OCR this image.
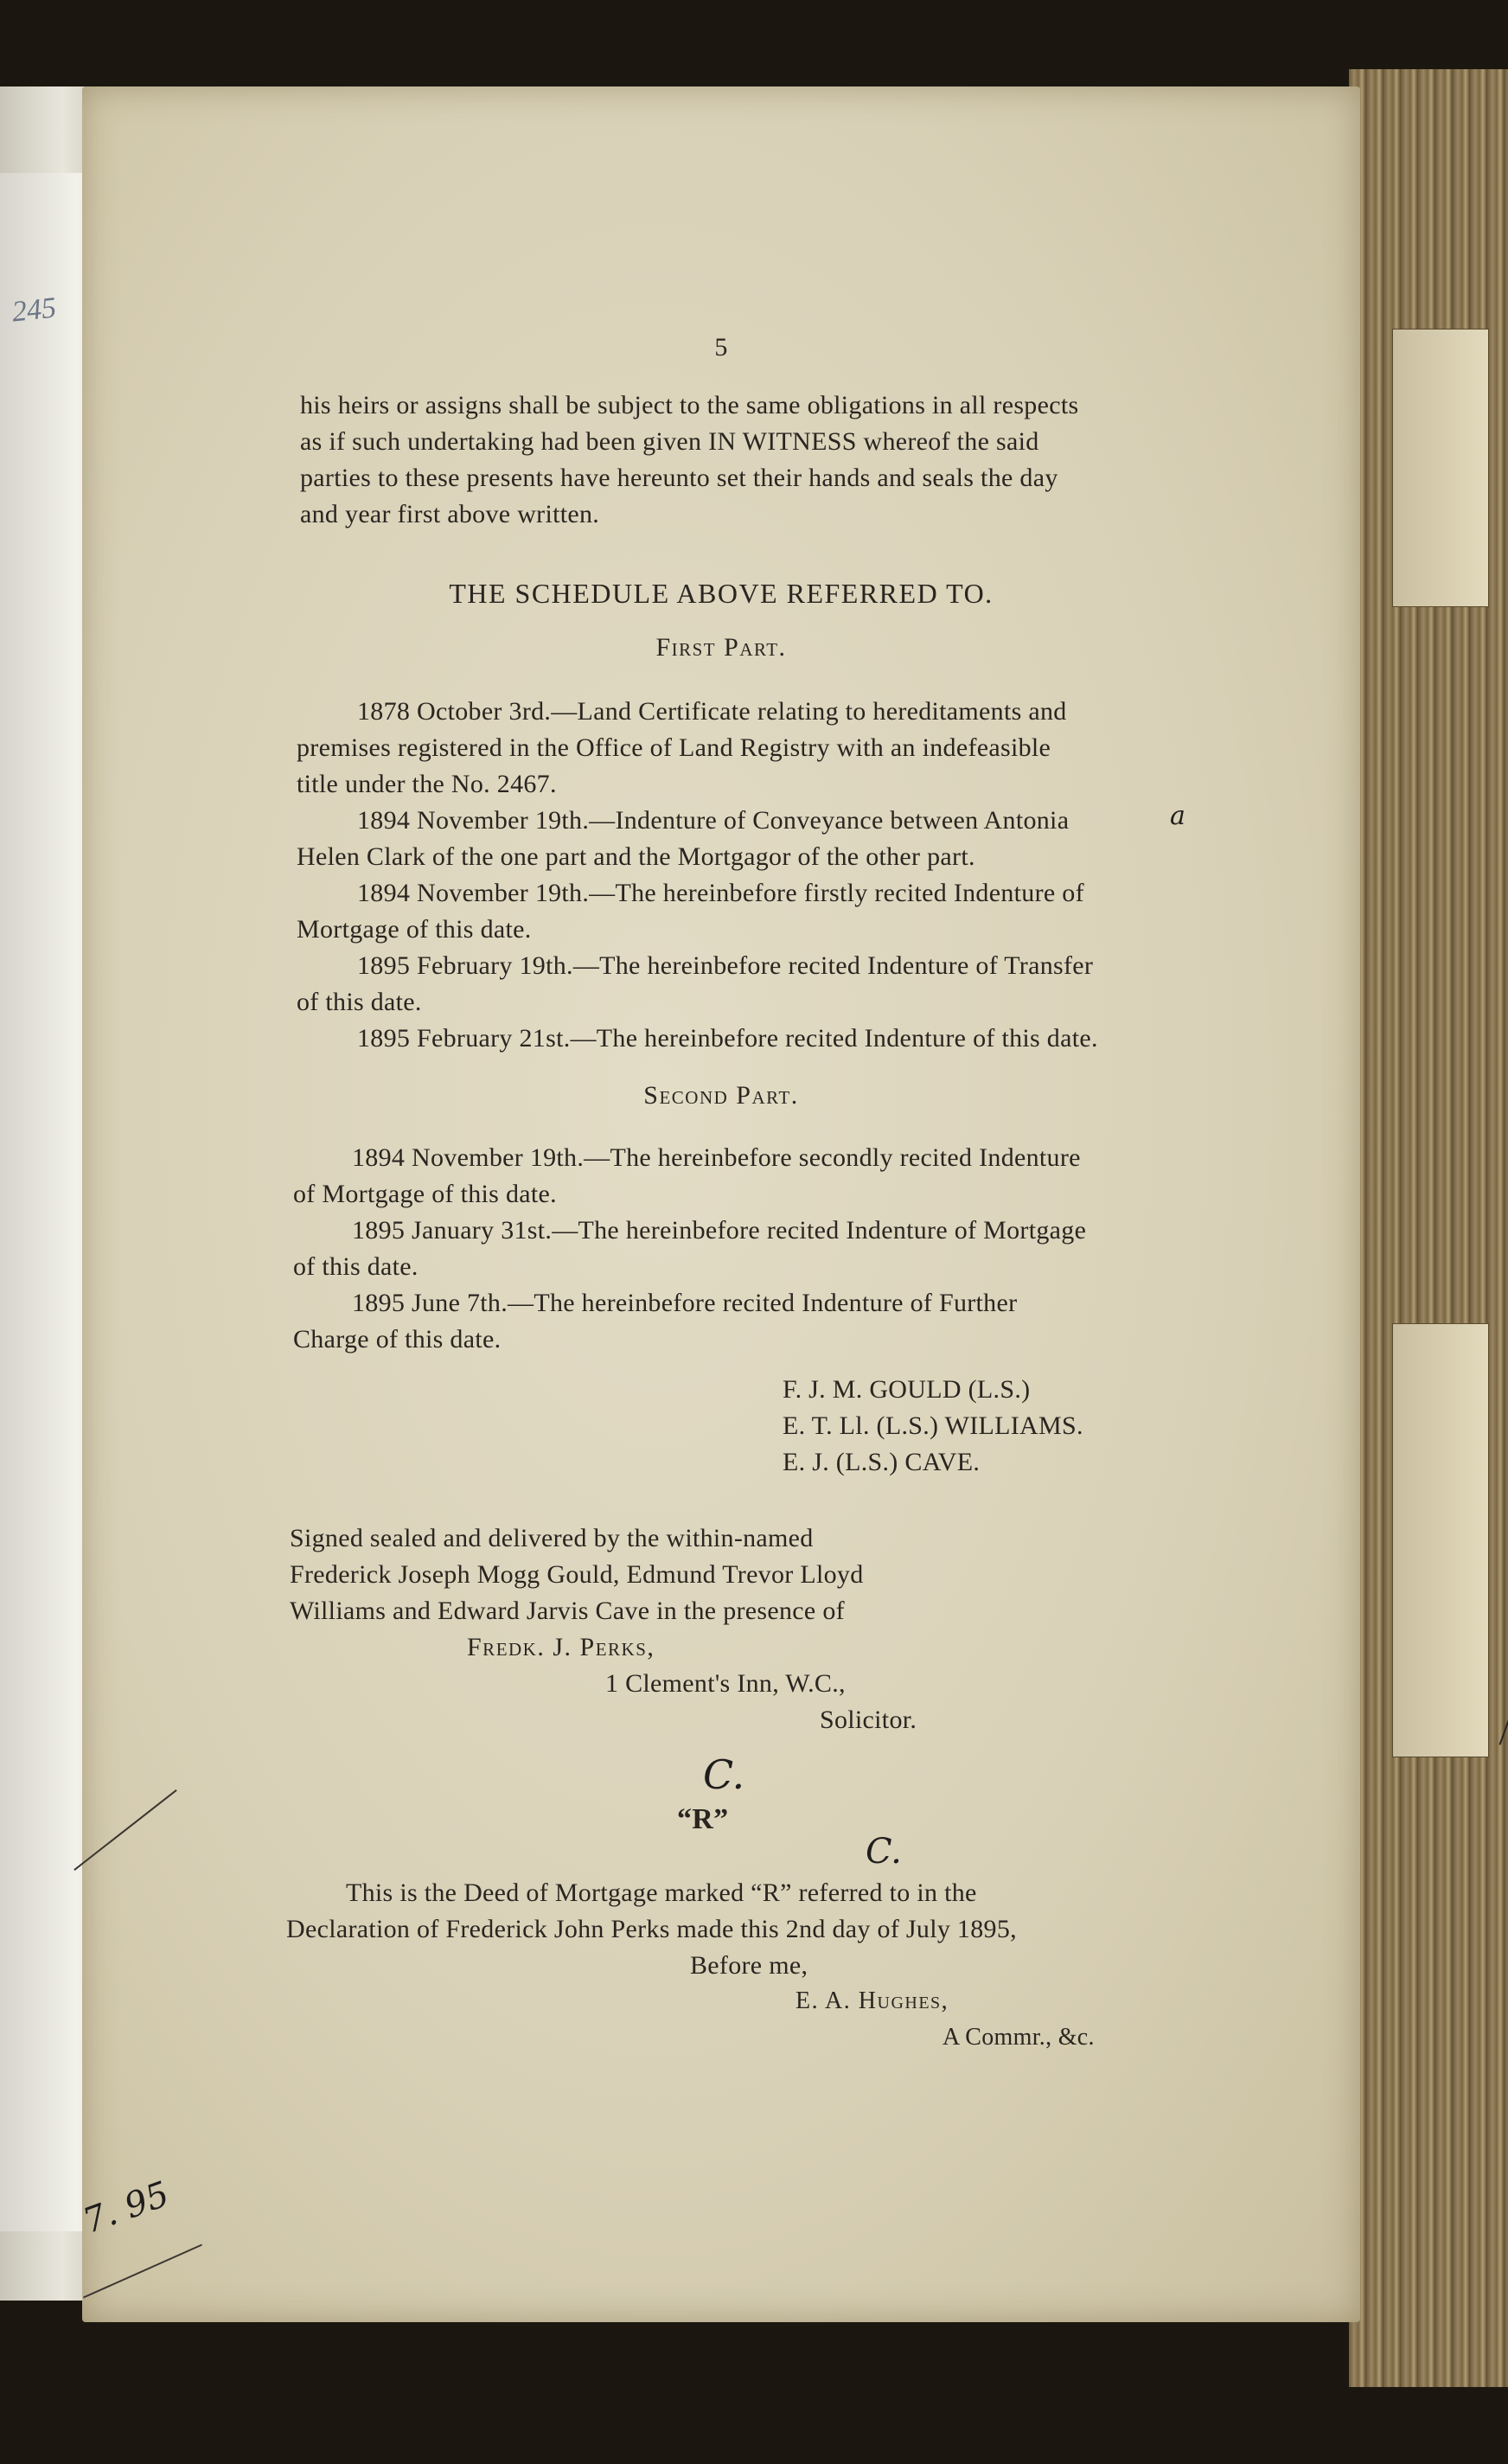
245
5
his heirs or assigns shall be subject to the same obligations in all respects
as if such undertaking had been given IN WITNESS whereof the said
parties to these presents have hereunto set their hands and seals the day
and year first above written.
THE SCHEDULE ABOVE REFERRED TO.
First Part.
1878 October 3rd.—Land Certificate relating to hereditaments and
premises registered in the Office of Land Registry with an indefeasible
title under the No. 2467.
1894 November 19th.—Indenture of Conveyance between Antonia
Helen Clark of the one part and the Mortgagor of the other part.
1894 November 19th.—The hereinbefore firstly recited Indenture of
Mortgage of this date.
1895 February 19th.—The hereinbefore recited Indenture of Transfer
of this date.
1895 February 21st.—The hereinbefore recited Indenture of this date.
a
Second Part.
1894 November 19th.—The hereinbefore secondly recited Indenture
of Mortgage of this date.
1895 January 31st.—The hereinbefore recited Indenture of Mortgage
of this date.
1895 June 7th.—The hereinbefore recited Indenture of Further
Charge of this date.
F. J. M. GOULD (L.S.)
E. T. Ll. (L.S.) WILLIAMS.
E. J. (L.S.) CAVE.
Signed sealed and delivered by the within-named
Frederick Joseph Mogg Gould, Edmund Trevor Lloyd
Williams and Edward Jarvis Cave in the presence of
Fredk. J. Perks,
1 Clement's Inn, W.C.,
Solicitor.
C.
“R”
C.
This is the Deed of Mortgage marked “R” referred to in the
Declaration of Frederick John Perks made this 2nd day of July 1895,
Before me,
E. A. Hughes,
A Commr., &c.
7. 95
